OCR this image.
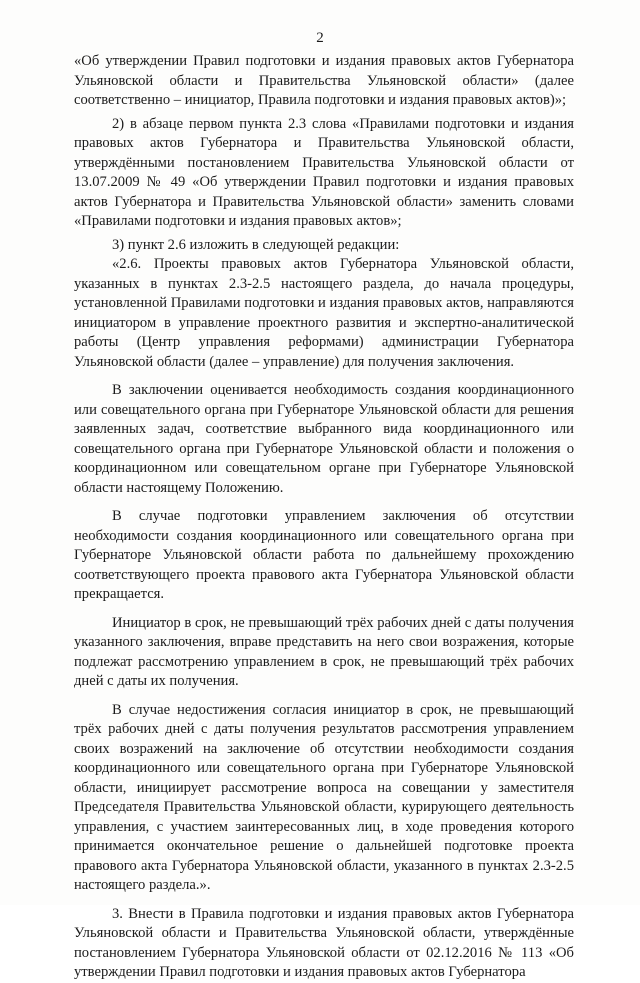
2

«Об утверждении Правил подготовки и издания правовых актов Губернатора Ульяновской области и Правительства Ульяновской области» (далее соответственно – инициатор, Правила подготовки и издания правовых актов)»;

2) в абзаце первом пункта 2.3 слова «Правилами подготовки и издания правовых актов Губернатора и Правительства Ульяновской области, утверждёнными постановлением Правительства Ульяновской области от 13.07.2009 № 49 «Об утверждении Правил подготовки и издания правовых актов Губернатора и Правительства Ульяновской области» заменить словами «Правилами подготовки и издания правовых актов»;

3) пункт 2.6 изложить в следующей редакции:

«2.6. Проекты правовых актов Губернатора Ульяновской области, указанных в пунктах 2.3-2.5 настоящего раздела, до начала процедуры, установленной Правилами подготовки и издания правовых актов, направляются инициатором в управление проектного развития и экспертно-аналитической работы (Центр управления реформами) администрации Губернатора Ульяновской области (далее – управление) для получения заключения.

В заключении оценивается необходимость создания координационного или совещательного органа при Губернаторе Ульяновской области для решения заявленных задач, соответствие выбранного вида координационного или совещательного органа при Губернаторе Ульяновской области и положения о координационном или совещательном органе при Губернаторе Ульяновской области настоящему Положению.

В случае подготовки управлением заключения об отсутствии необходимости создания координационного или совещательного органа при Губернаторе Ульяновской области работа по дальнейшему прохождению соответствующего проекта правового акта Губернатора Ульяновской области прекращается.

Инициатор в срок, не превышающий трёх рабочих дней с даты получения указанного заключения, вправе представить на него свои возражения, которые подлежат рассмотрению управлением в срок, не превышающий трёх рабочих дней с даты их получения.

В случае недостижения согласия инициатор в срок, не превышающий трёх рабочих дней с даты получения результатов рассмотрения управлением своих возражений на заключение об отсутствии необходимости создания координационного или совещательного органа при Губернаторе Ульяновской области, инициирует рассмотрение вопроса на совещании у заместителя Председателя Правительства Ульяновской области, курирующего деятельность управления, с участием заинтересованных лиц, в ходе проведения которого принимается окончательное решение о дальнейшей подготовке проекта правового акта Губернатора Ульяновской области, указанного в пунктах 2.3-2.5 настоящего раздела.».

3. Внести в Правила подготовки и издания правовых актов Губернатора Ульяновской области и Правительства Ульяновской области, утверждённые постановлением Губернатора Ульяновской области от 02.12.2016 № 113 «Об утверждении Правил подготовки и издания правовых актов Губернатора
